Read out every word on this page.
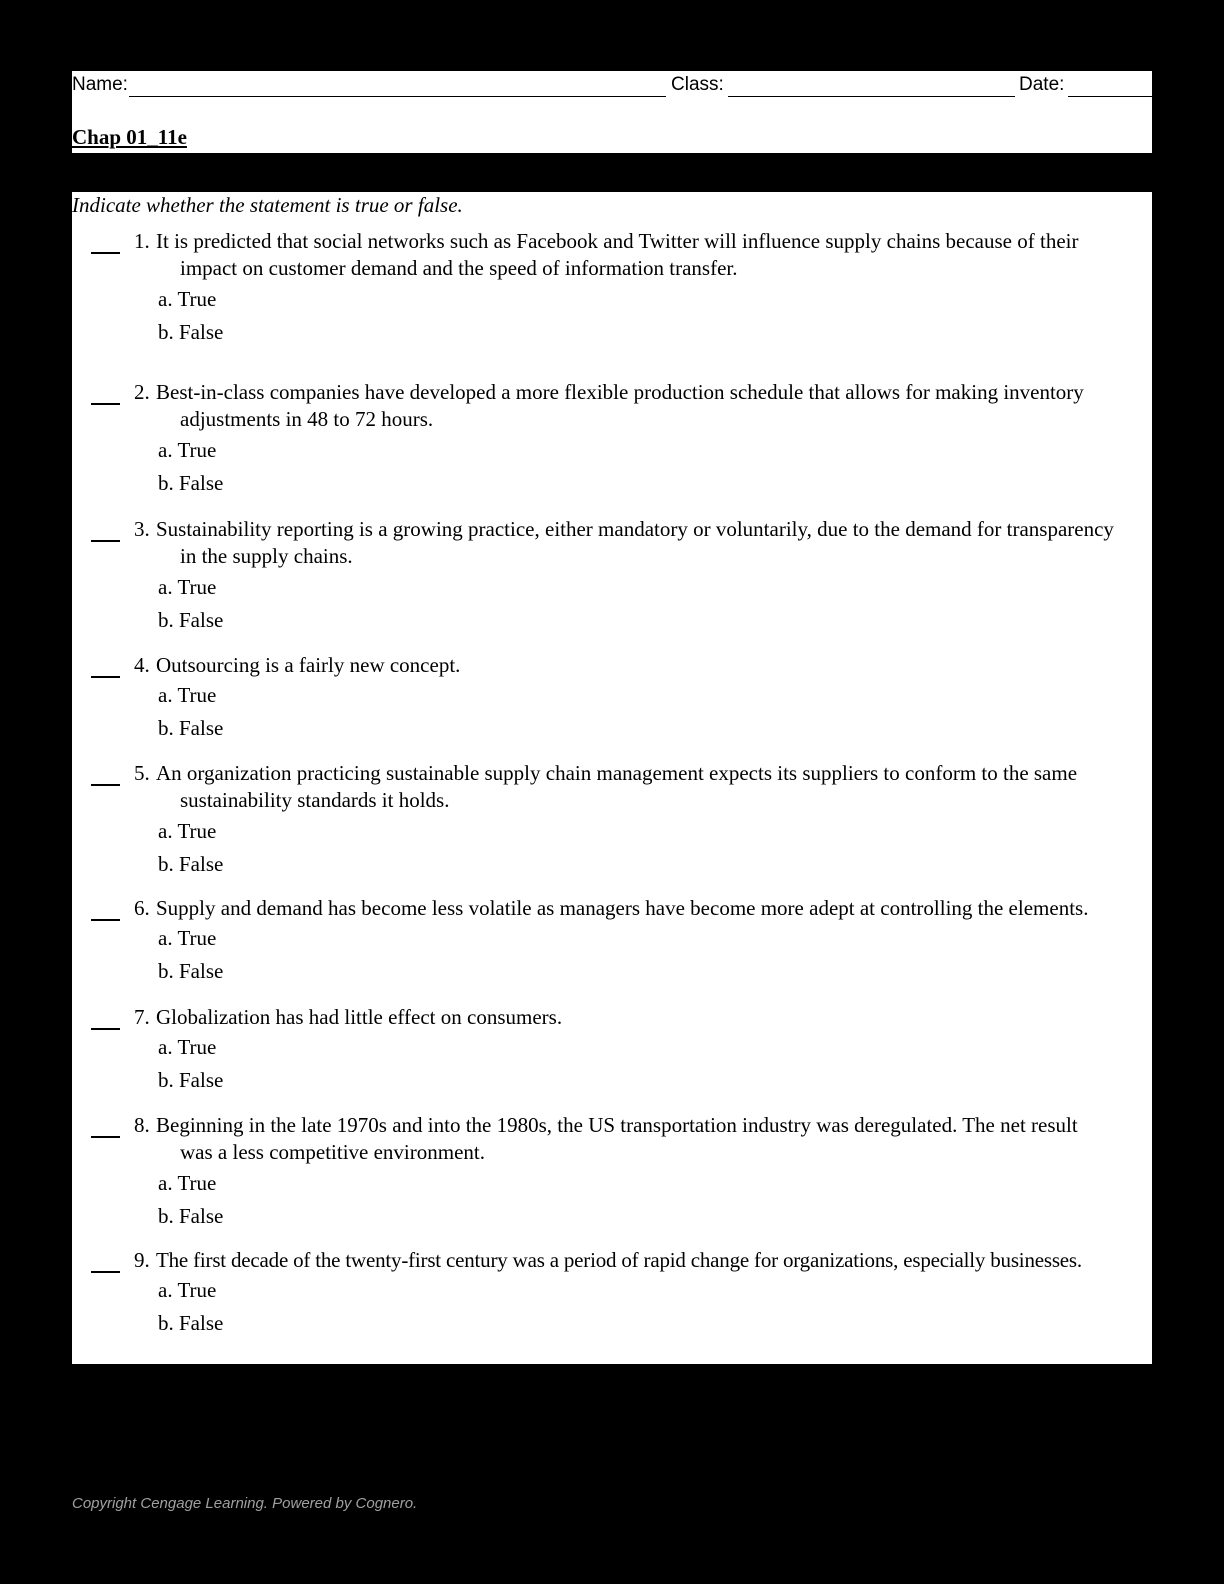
Name:	Class:	Date:
Chap 01_11e
Indicate whether the statement is true or false.
1. It is predicted that social networks such as Facebook and Twitter will influence supply chains because of their
impact on customer demand and the speed of information transfer.
a. True
b. False
2. Best-in-class companies have developed a more flexible production schedule that allows for making inventory
adjustments in 48 to 72 hours.
a. True
b. False
3. Sustainability reporting is a growing practice, either mandatory or voluntarily, due to the demand for transparency
in the supply chains.
a. True
b. False
4. Outsourcing is a fairly new concept.
a. True
b. False
5. An organization practicing sustainable supply chain management expects its suppliers to conform to the same
sustainability standards it holds.
a. True
b. False
6. Supply and demand has become less volatile as managers have become more adept at controlling the elements.
a. True
b. False
7. Globalization has had little effect on consumers.
a. True
b. False
8. Beginning in the late 1970s and into the 1980s, the US transportation industry was deregulated. The net result
was a less competitive environment.
a. True
b. False
9. The first decade of the twenty-first century was a period of rapid change for organizations, especially businesses.
a. True
b. False
Copyright Cengage Learning. Powered by Cognero.
